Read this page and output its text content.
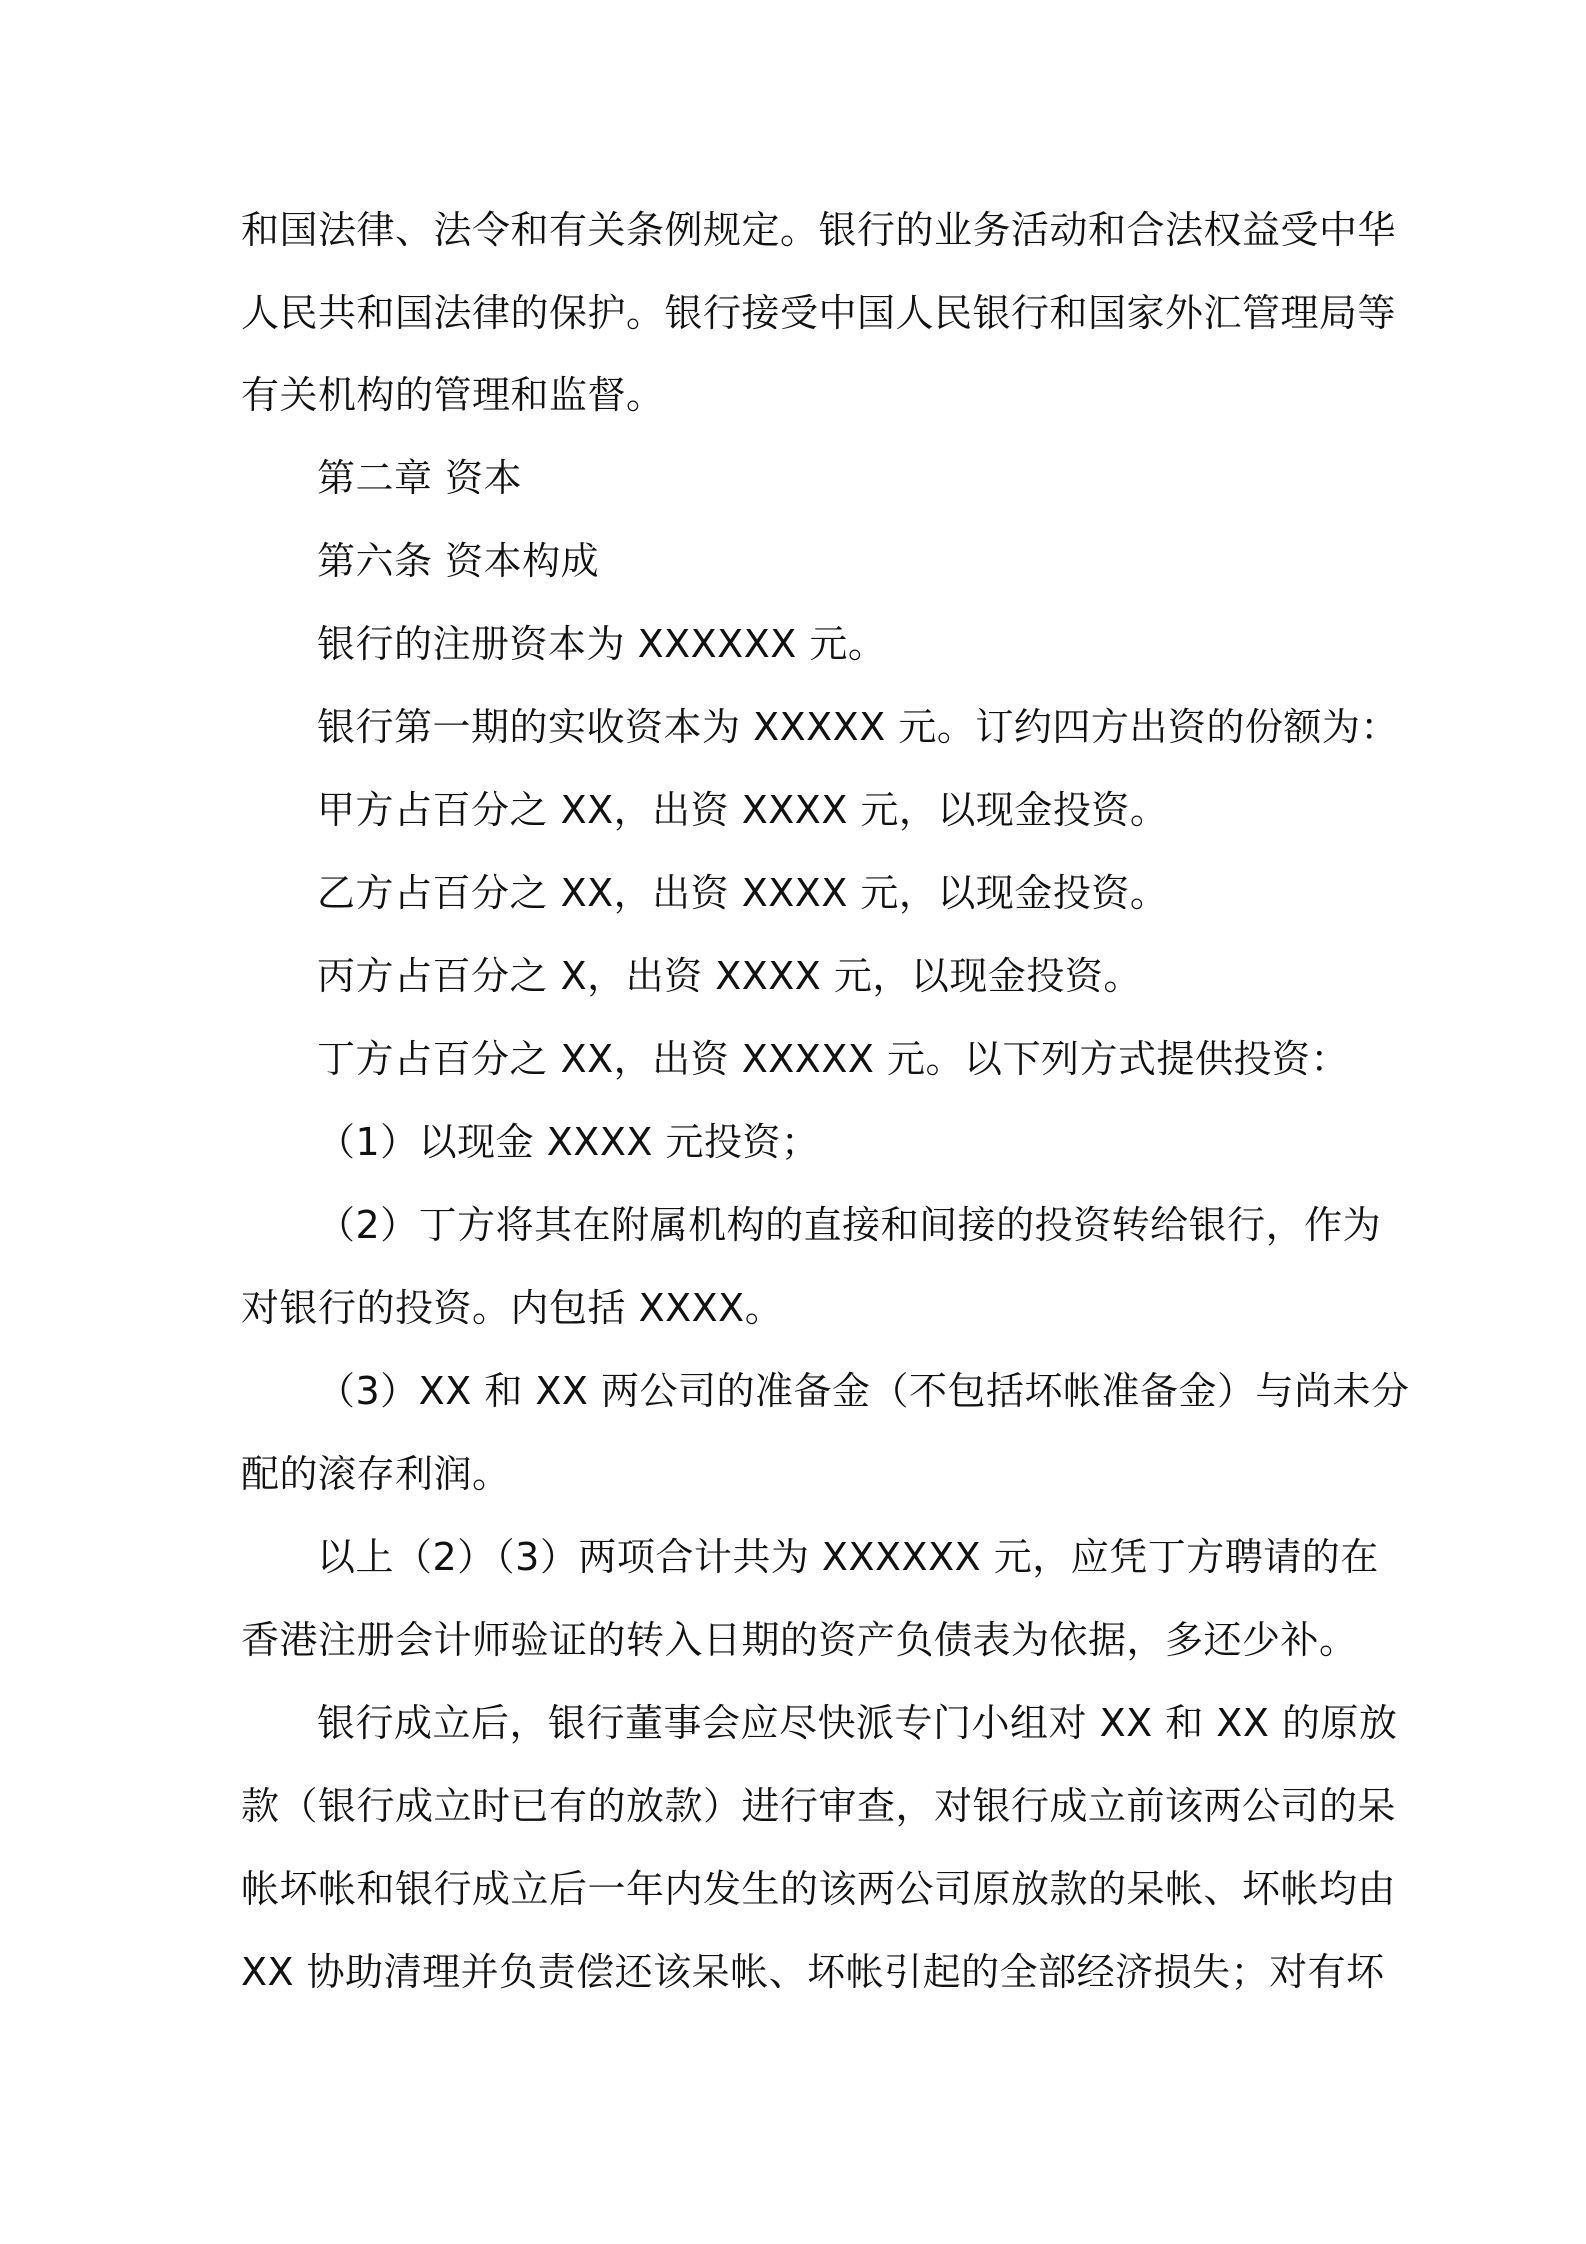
和国法律、法令和有关条例规定。银行的业务活动和合法权益受中华
人民共和国法律的保护。银行接受中国人民银行和国家外汇管理局等
有关机构的管理和监督。
第二章 资本
第六条 资本构成
银行的注册资本为 XXXXXX 元。
银行第一期的实收资本为 XXXXX 元。订约四方出资的份额为：
甲方占百分之 XX，出资 XXXX 元，以现金投资。
乙方占百分之 XX，出资 XXXX 元，以现金投资。
丙方占百分之 X，出资 XXXX 元，以现金投资。
丁方占百分之 XX，出资 XXXXX 元。以下列方式提供投资：
（1）以现金 XXXX 元投资；
（2）丁方将其在附属机构的直接和间接的投资转给银行，作为
对银行的投资。内包括 XXXX。
（3）XX 和 XX 两公司的准备金（不包括坏帐准备金）与尚未分
配的滚存利润。
以上（2）（3）两项合计共为 XXXXXX 元，应凭丁方聘请的在
香港注册会计师验证的转入日期的资产负债表为依据，多还少补。
银行成立后，银行董事会应尽快派专门小组对 XX 和 XX 的原放
款（银行成立时已有的放款）进行审查，对银行成立前该两公司的呆
帐坏帐和银行成立后一年内发生的该两公司原放款的呆帐、坏帐均由
XX 协助清理并负责偿还该呆帐、坏帐引起的全部经济损失；对有坏
